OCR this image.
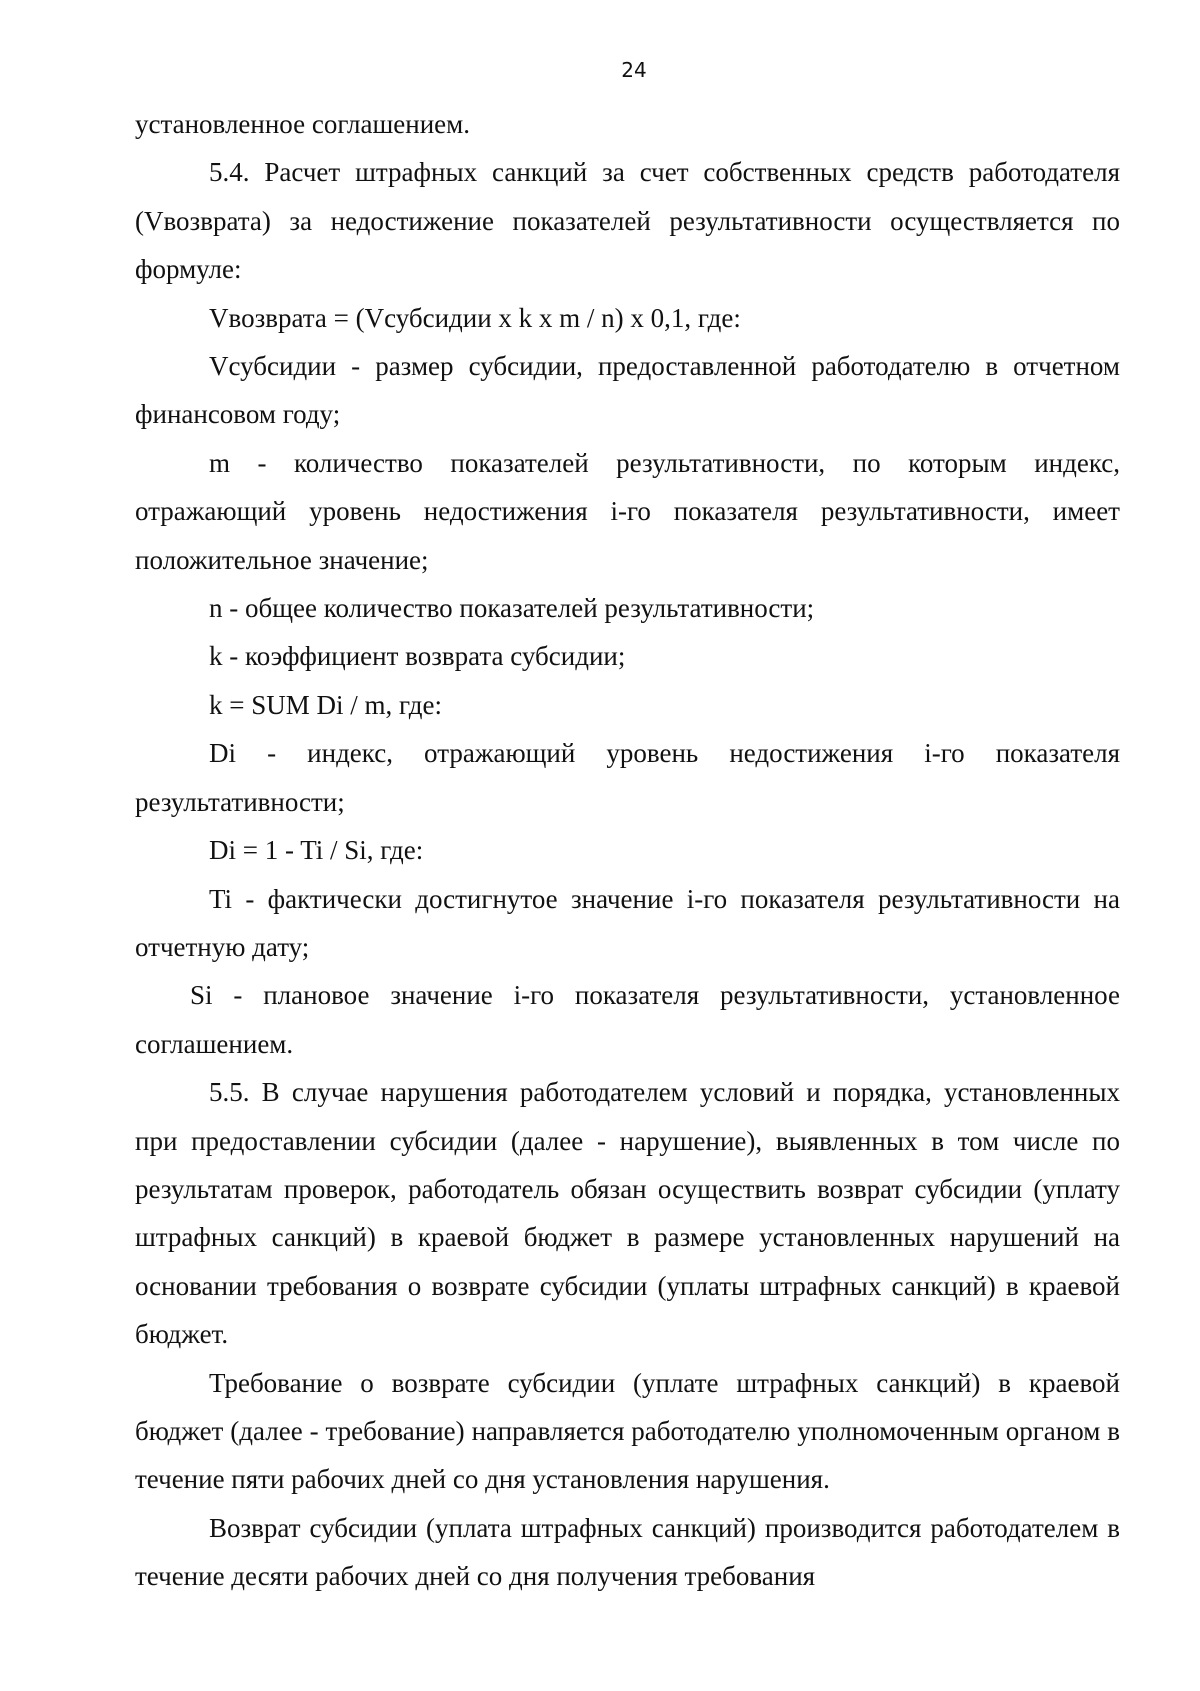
24

установленное соглашением.

5.4. Расчет штрафных санкций за счет собственных средств работодателя (Vвозврата) за недостижение показателей результативности осуществляется по формуле:

Vвозврата = (Vсубсидии x k x m / n) x 0,1, где:

Vсубсидии - размер субсидии, предоставленной работодателю в отчетном финансовом году;

m - количество показателей результативности, по которым индекс, отражающий уровень недостижения i-го показателя результативности, имеет положительное значение;

n - общее количество показателей результативности;

k - коэффициент возврата субсидии;

k = SUM Di / m, где:

Di - индекс, отражающий уровень недостижения i-го показателя результативности;

Di = 1 - Ti / Si, где:

Ti - фактически достигнутое значение i-го показателя результативности на отчетную дату;

Si - плановое значение i-го показателя результативности, установленное соглашением.

5.5. В случае нарушения работодателем условий и порядка, установленных при предоставлении субсидии (далее - нарушение), выявленных в том числе по результатам проверок, работодатель обязан осуществить возврат субсидии (уплату штрафных санкций) в краевой бюджет в размере установленных нарушений на основании требования о возврате субсидии (уплаты штрафных санкций) в краевой бюджет.

Требование о возврате субсидии (уплате штрафных санкций) в краевой бюджет (далее - требование) направляется работодателю уполномоченным органом в течение пяти рабочих дней со дня установления нарушения.

Возврат субсидии (уплата штрафных санкций) производится работодателем в течение десяти рабочих дней со дня получения требования
